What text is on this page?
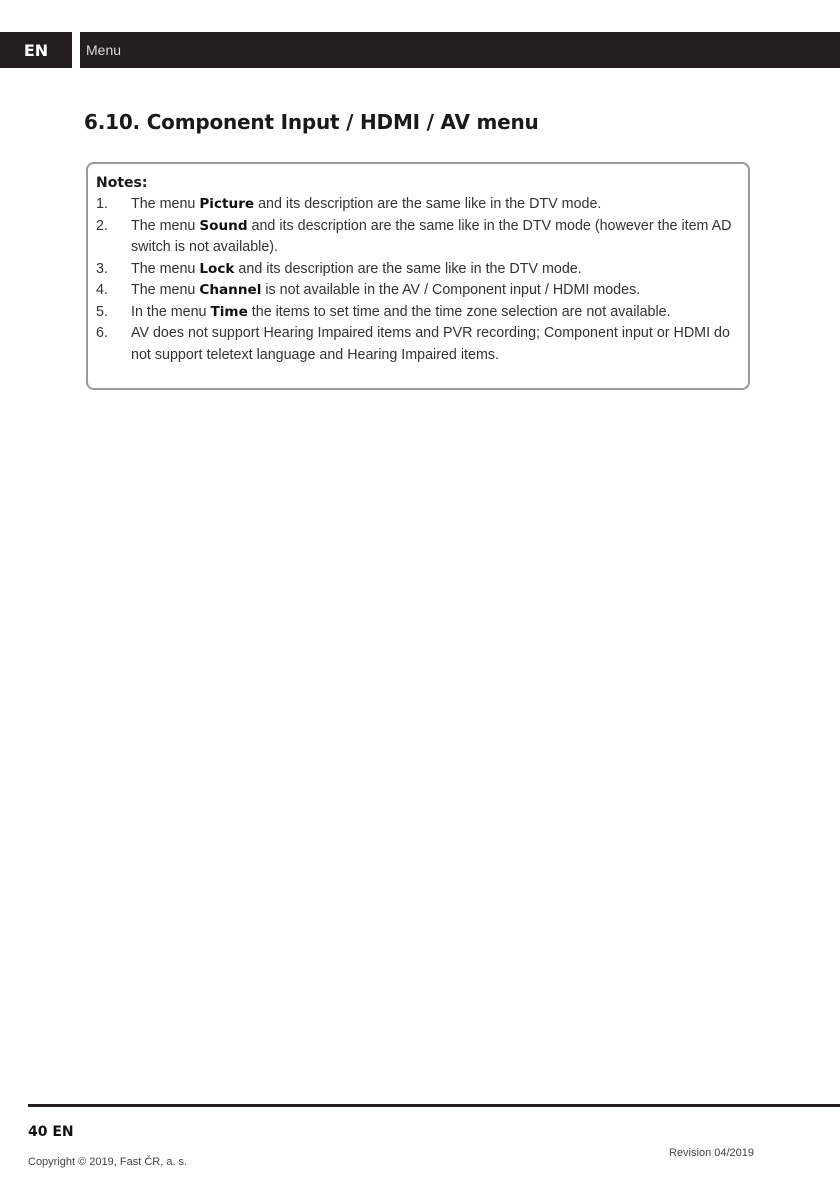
EN	Menu
6.10. Component Input / HDMI / AV menu
Notes:
1. The menu Picture and its description are the same like in the DTV mode.
2. The menu Sound and its description are the same like in the DTV mode (however the item AD switch is not available).
3. The menu Lock and its description are the same like in the DTV mode.
4. The menu Channel is not available in the AV / Component input / HDMI modes.
5. In the menu Time the items to set time and the time zone selection are not available.
6. AV does not support Hearing Impaired items and PVR recording; Component input or HDMI do not support teletext language and Hearing Impaired items.
40 EN
Copyright © 2019, Fast ČR, a. s.
Revision 04/2019
